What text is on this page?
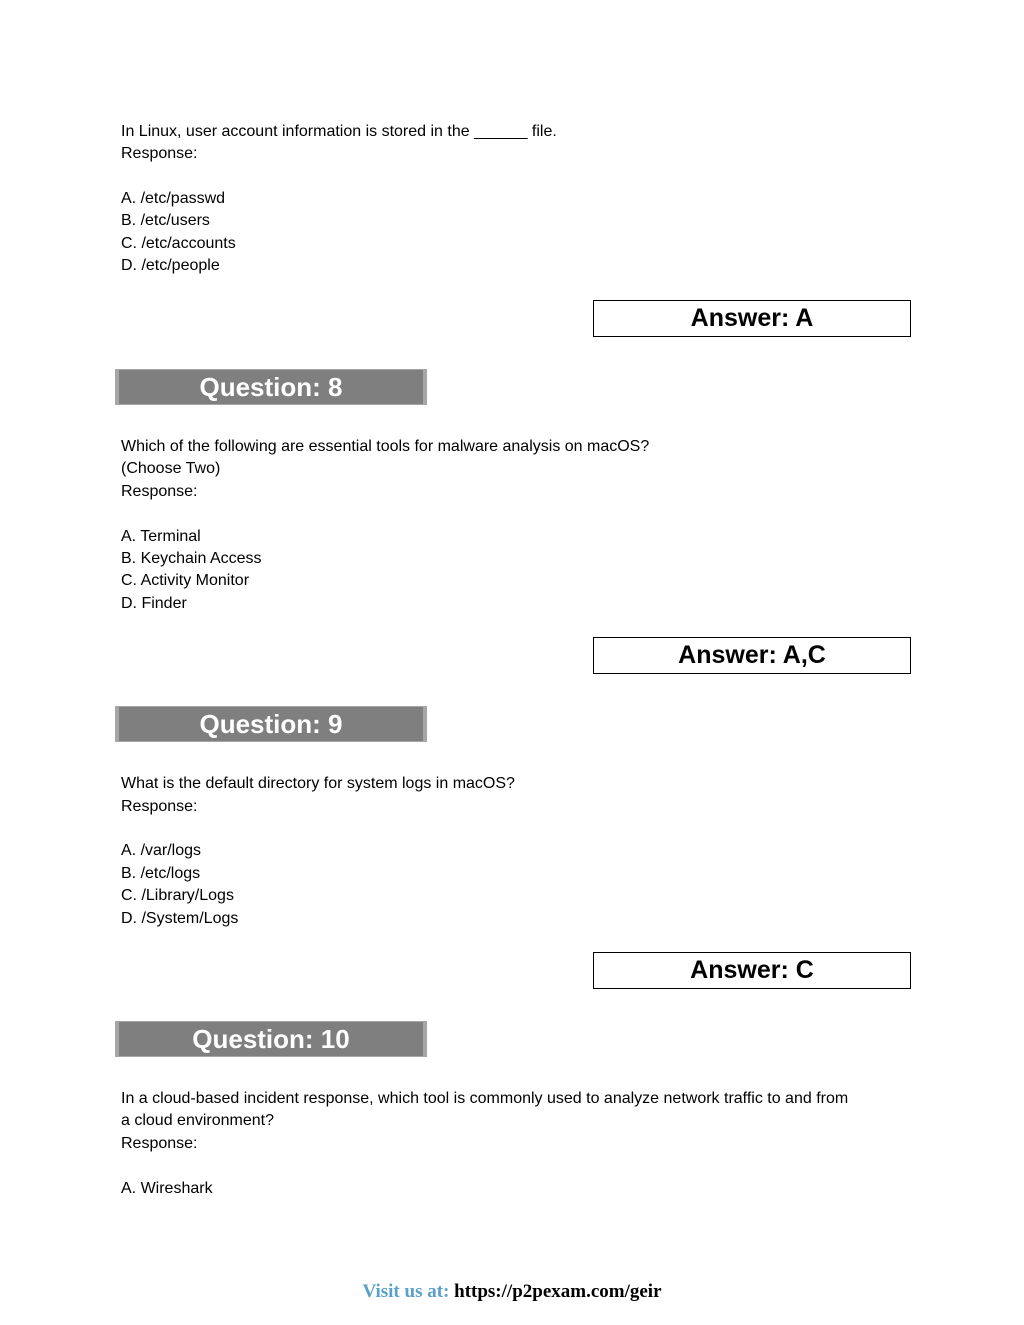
In Linux, user account information is stored in the ______ file.
Response:
A. /etc/passwd
B. /etc/users
C. /etc/accounts
D. /etc/people
Answer: A
Question: 8
Which of the following are essential tools for malware analysis on macOS?
(Choose Two)
Response:
A. Terminal
B. Keychain Access
C. Activity Monitor
D. Finder
Answer: A,C
Question: 9
What is the default directory for system logs in macOS?
Response:
A. /var/logs
B. /etc/logs
C. /Library/Logs
D. /System/Logs
Answer: C
Question: 10
In a cloud-based incident response, which tool is commonly used to analyze network traffic to and from
a cloud environment?
Response:
A. Wireshark
Visit us at: https://p2pexam.com/geir
